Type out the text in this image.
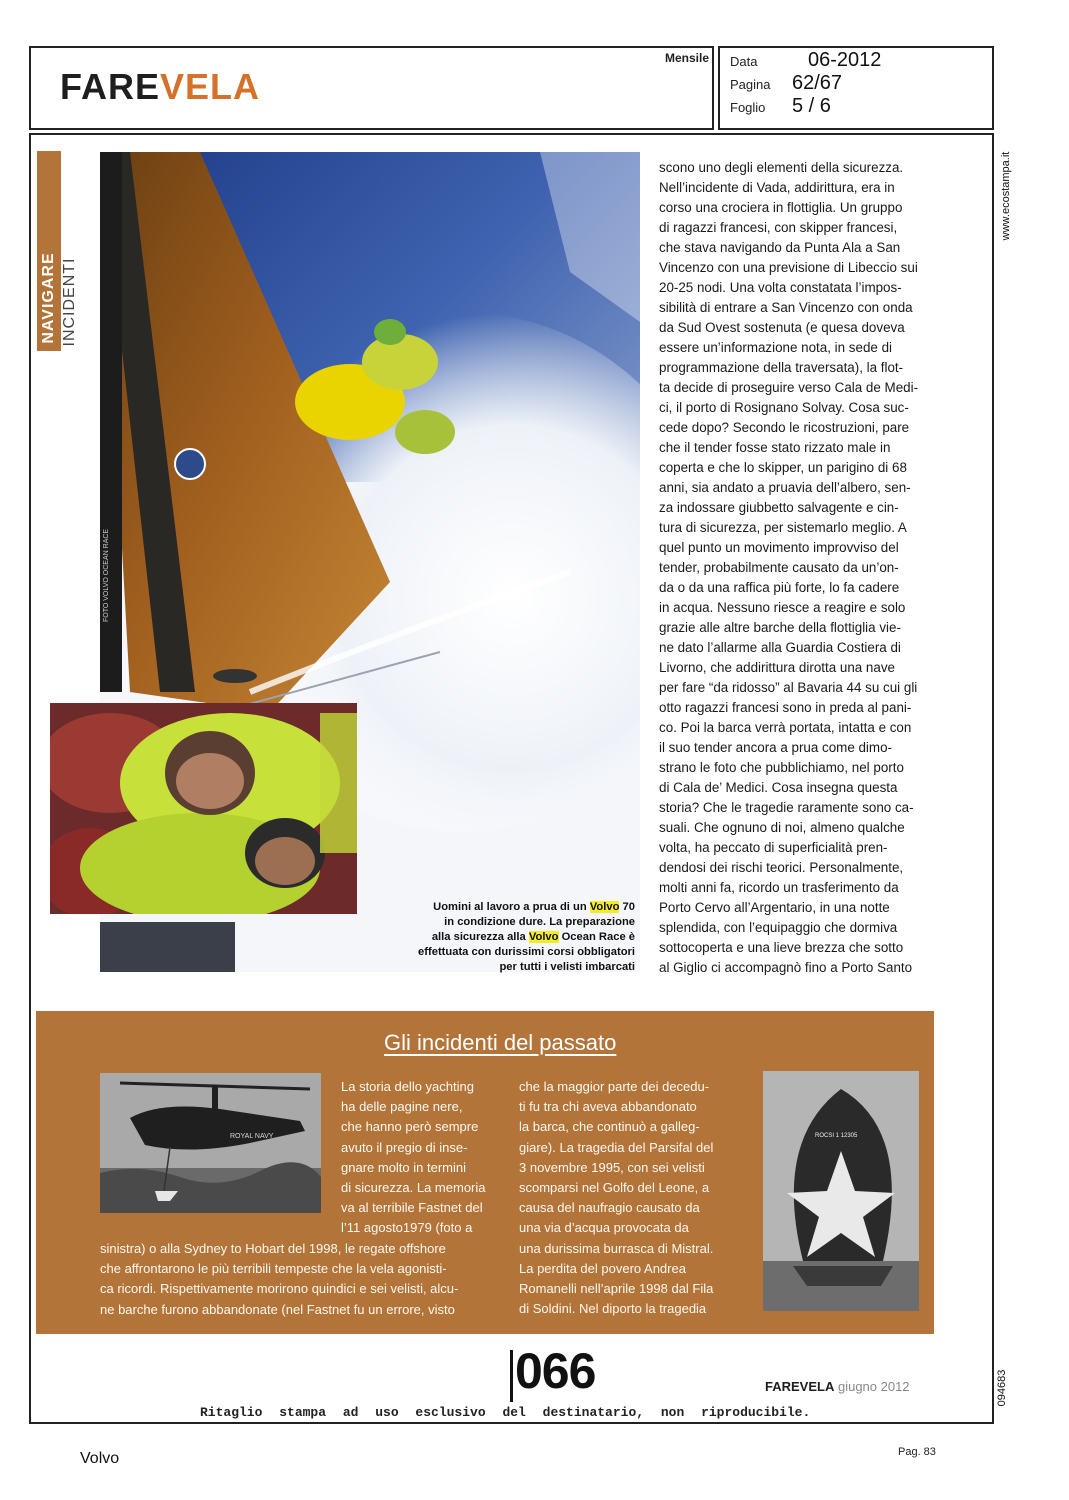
FAREVELA
Mensile Data	06-2012
Pagina 62/67
Foglio 5 / 6
www.ecostampa.it
094683
NAVIGARE INCIDENTI
FOTO VOLVO OCEAN RACE
Uomini al lavoro a prua di un Volvo 70
in condizione dure. La preparazione
alla sicurezza alla Volvo Ocean Race è
effettuata con durissimi corsi obbligatori
per tutti i velisti imbarcati
scono uno degli elementi della sicurezza.
Nell’incidente di Vada, addirittura, era in
corso una crociera in flottiglia. Un gruppo
di ragazzi francesi, con skipper francesi,
che stava navigando da Punta Ala a San
Vincenzo con una previsione di Libeccio sui
20-25 nodi. Una volta constatata l’impos-
sibilità di entrare a San Vincenzo con onda
da Sud Ovest sostenuta (e quesa doveva
essere un’informazione nota, in sede di
programmazione della traversata), la flot-
ta decide di proseguire verso Cala de Medi-
ci, il porto di Rosignano Solvay. Cosa suc-
cede dopo? Secondo le ricostruzioni, pare
che il tender fosse stato rizzato male in
coperta e che lo skipper, un parigino di 68
anni, sia andato a pruavia dell’albero, sen-
za indossare giubbetto salvagente e cin-
tura di sicurezza, per sistemarlo meglio. A
quel punto un movimento improvviso del
tender, probabilmente causato da un’on-
da o da una raffica più forte, lo fa cadere
in acqua. Nessuno riesce a reagire e solo
grazie alle altre barche della flottiglia vie-
ne dato l’allarme alla Guardia Costiera di
Livorno, che addirittura dirotta una nave
per fare “da ridosso” al Bavaria 44 su cui gli
otto ragazzi francesi sono in preda al pani-
co. Poi la barca verrà portata, intatta e con
il suo tender ancora a prua come dimo-
strano le foto che pubblichiamo, nel porto
di Cala de’ Medici. Cosa insegna questa
storia? Che le tragedie raramente sono ca-
suali. Che ognuno di noi, almeno qualche
volta, ha peccato di superficialità pren-
dendosi dei rischi teorici. Personalmente,
molti anni fa, ricordo un trasferimento da
Porto Cervo all’Argentario, in una notte
splendida, con l’equipaggio che dormiva
sottocoperta e una lieve brezza che sotto
al Giglio ci accompagnò fino a Porto Santo
Gli incidenti del passato
ROYAL NAVY	ROCSI 1 12305
La storia dello yachting
ha delle pagine nere,
che hanno però sempre
avuto il pregio di inse-
gnare molto in termini
di sicurezza. La memoria
va al terribile Fastnet del
l’11 agosto1979 (foto a
sinistra) o alla Sydney to Hobart del 1998, le regate offshore
che affrontarono le più terribili tempeste che la vela agonisti-
ca ricordi. Rispettivamente morirono quindici e sei velisti, alcu-
ne barche furono abbandonate (nel Fastnet fu un errore, visto
che la maggior parte dei decedu-
ti fu tra chi aveva abbandonato
la barca, che continuò a galleg-
giare). La tragedia del Parsifal del
3 novembre 1995, con sei velisti
scomparsi nel Golfo del Leone, a
causa del naufragio causato da
una via d’acqua provocata da
una durissima burrasca di Mistral.
La perdita del povero Andrea
Romanelli nell’aprile 1998 dal Fila
di Soldini. Nel diporto la tragedia
066	FAREVELA giugno 2012
Ritaglio stampa ad uso esclusivo del destinatario, non riproducibile.
Volvo	Pag. 83
